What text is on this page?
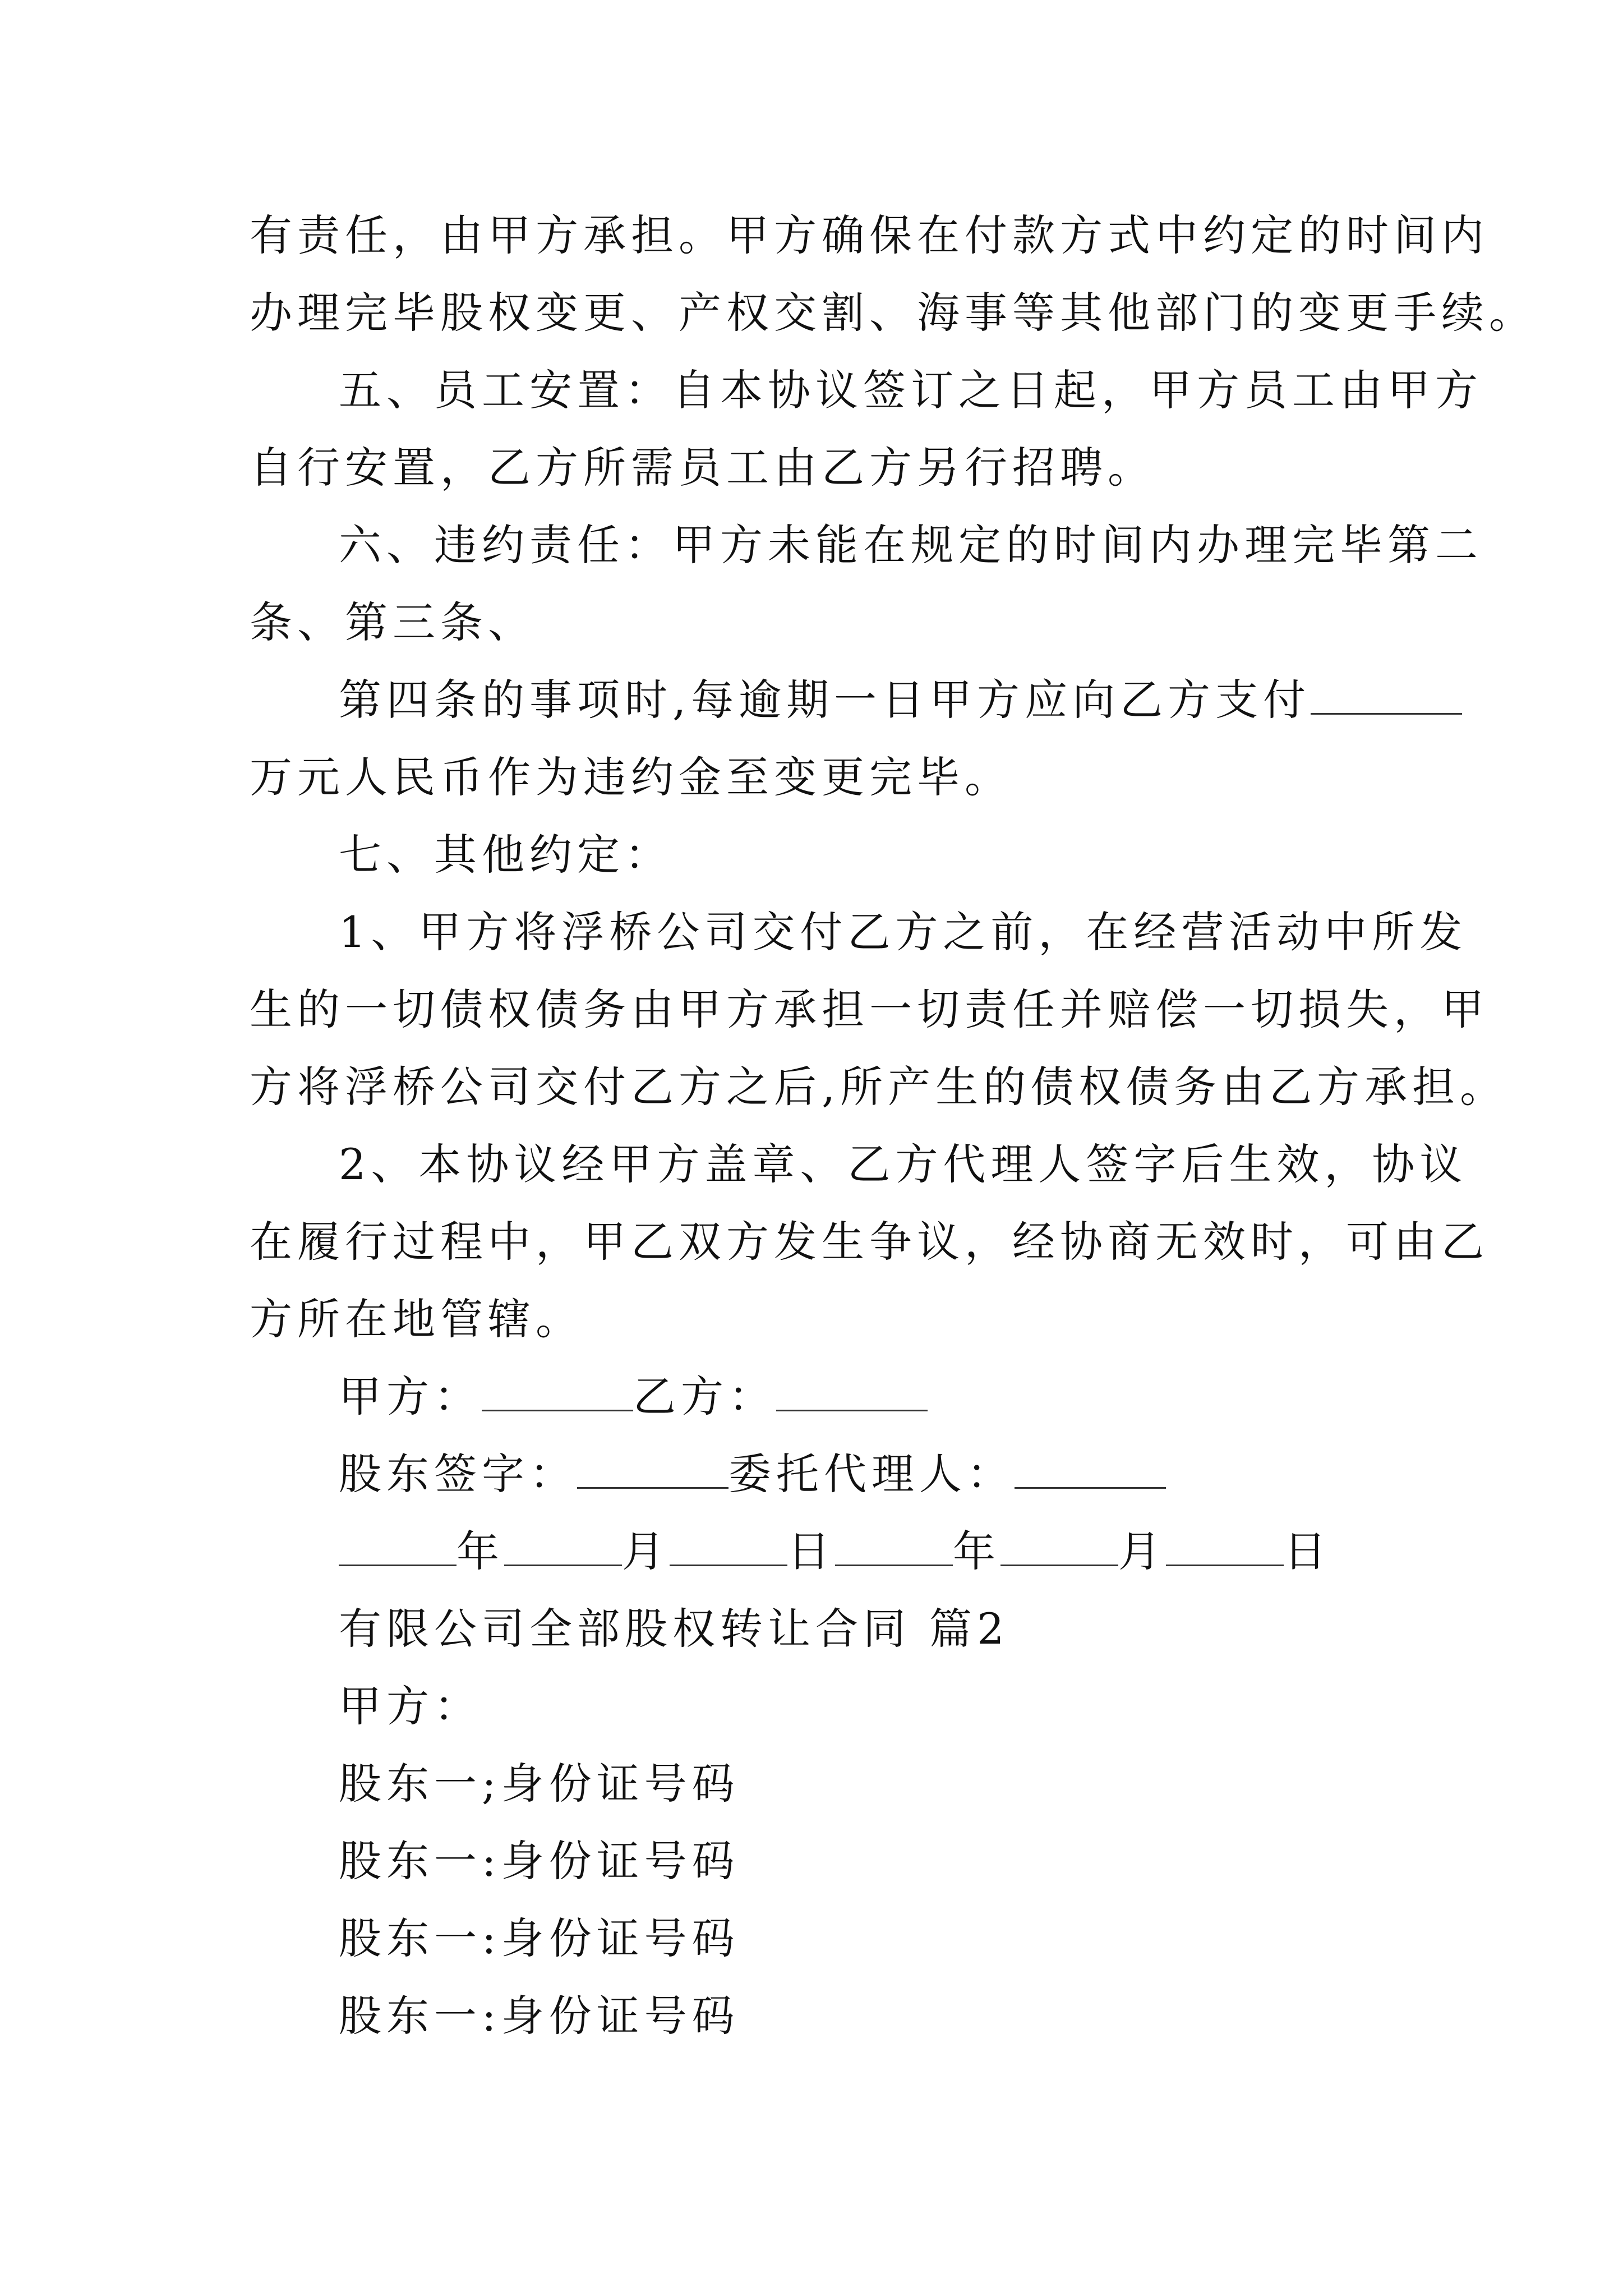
有责任，由甲方承担。甲方确保在付款方式中约定的时间内
办理完毕股权变更、产权交割、海事等其他部门的变更手续。
五、员工安置：自本协议签订之日起，甲方员工由甲方
自行安置，乙方所需员工由乙方另行招聘。
六、违约责任：甲方未能在规定的时间内办理完毕第二
条、第三条、
第四条的事项时,每逾期一日甲方应向乙方支付
万元人民币作为违约金至变更完毕。
七、其他约定：
1、甲方将浮桥公司交付乙方之前，在经营活动中所发
生的一切债权债务由甲方承担一切责任并赔偿一切损失，甲
方将浮桥公司交付乙方之后,所产生的债权债务由乙方承担。
2、本协议经甲方盖章、乙方代理人签字后生效，协议
在履行过程中，甲乙双方发生争议，经协商无效时，可由乙
方所在地管辖。
甲方：	乙方：
股东签字：	委托代理人：
年	月	日	年	月	日
有限公司全部股权转让合同 篇2
甲方：
股东一;身份证号码
股东一:身份证号码
股东一:身份证号码
股东一:身份证号码
